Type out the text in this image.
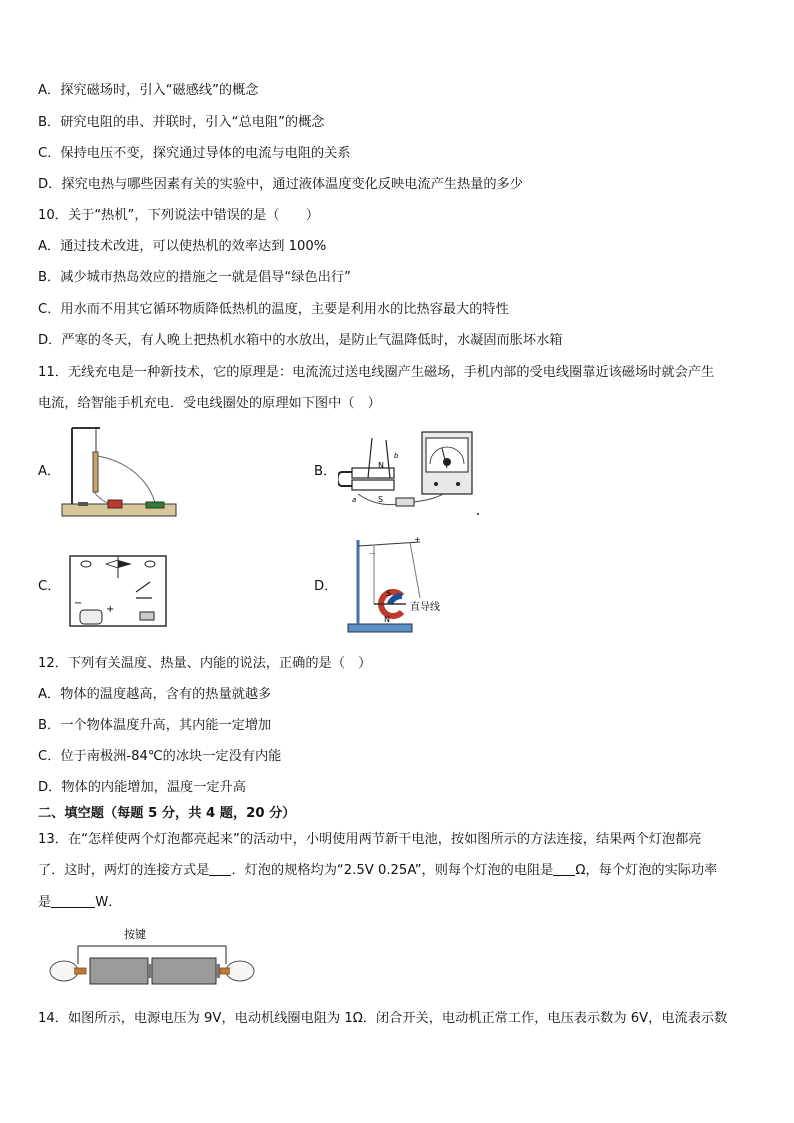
A．探究磁场时，引入“磁感线”的概念
B．研究电阻的串、并联时，引入“总电阻”的概念
C．保持电压不变，探究通过导体的电流与电阻的关系
D．探究电热与哪些因素有关的实验中，通过液体温度变化反映电流产生热量的多少
10．关于“热机”，下列说法中错误的是（　　）
A．通过技术改进，可以使热机的效率达到 100%
B．减少城市热岛效应的措施之一就是倡导“绿色出行”
C．用水而不用其它循环物质降低热机的温度，主要是利用水的比热容最大的特性
D．严寒的冬天，有人晚上把热机水箱中的水放出，是防止气温降低时，水凝固而胀坏水箱
11．无线充电是一种新技术，它的原理是：电流流过送电线圈产生磁场，手机内部的受电线圈靠近该磁场时就会产生
电流，给智能手机充电．受电线圈处的原理如下图中（　）
A．	B．	N
S
a
b
C．
−
+
D．	S
N
+
－
直导线
12．下列有关温度、热量、内能的说法，正确的是（　）
A．物体的温度越高，含有的热量就越多
B．一个物体温度升高，其内能一定增加
C．位于南极洲-84℃的冰块一定没有内能
D．物体的内能增加，温度一定升高
二、填空题（每题 5 分，共 4 题，20 分）
13．在“怎样使两个灯泡都亮起来”的活动中，小明使用两节新干电池，按如图所示的方法连接，结果两个灯泡都亮
了．这时，两灯的连接方式是 ．灯泡的规格均为“2.5V 0.25A”，则每个灯泡的电阻是 Ω，每个灯泡的实际功率
是	W．
按键
14．如图所示，电源电压为 9V，电动机线圈电阻为 1Ω．闭合开关，电动机正常工作，电压表示数为 6V，电流表示数
